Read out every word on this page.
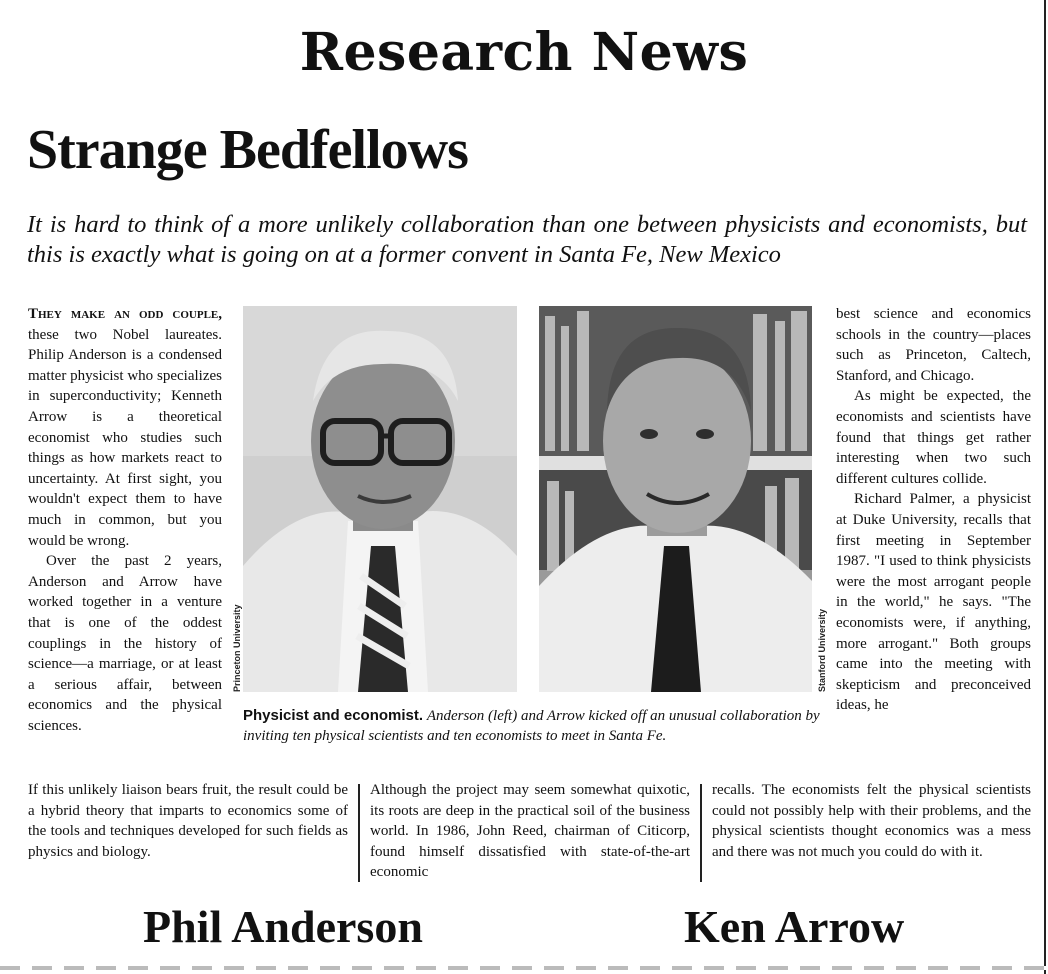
Research News
Strange Bedfellows
It is hard to think of a more unlikely collaboration than one between physicists and economists, but this is exactly what is going on at a former convent in Santa Fe, New Mexico

They make an odd couple, these two Nobel laureates. Philip Anderson is a condensed matter physicist who specializes in superconductivity; Kenneth Arrow is a theoretical economist who studies such things as how markets react to uncertainty. At first sight, you wouldn't expect them to have much in common, but you would be wrong.

Over the past 2 years, Anderson and Arrow have worked together in a venture that is one of the oddest couplings in the history of science—a marriage, or at least a serious affair, between economics and the physical sciences.

Princeton University	Stanford University
Physicist and economist. Anderson (left) and Arrow kicked off an unusual collaboration by inviting ten physical scientists and ten economists to meet in Santa Fe.

best science and economics schools in the country—places such as Princeton, Caltech, Stanford, and Chicago.

As might be expected, the economists and scientists have found that things get rather interesting when two such different cultures collide.

Richard Palmer, a physicist at Duke University, recalls that first meeting in September 1987. "I used to think physicists were the most arrogant people in the world," he says. "The economists were, if anything, more arrogant." Both groups came into the meeting with skepticism and preconceived ideas, he

If this unlikely liaison bears fruit, the result could be a hybrid theory that imparts to economics some of the tools and techniques developed for such fields as physics and biology.
Although the project may seem somewhat quixotic, its roots are deep in the practical soil of the business world. In 1986, John Reed, chairman of Citicorp, found himself dissatisfied with state-of-the-art economic
recalls. The economists felt the physical scientists could not possibly help with their problems, and the physical scientists thought economics was a mess and there was not much you could do with it.
Phil Anderson	Ken Arrow
